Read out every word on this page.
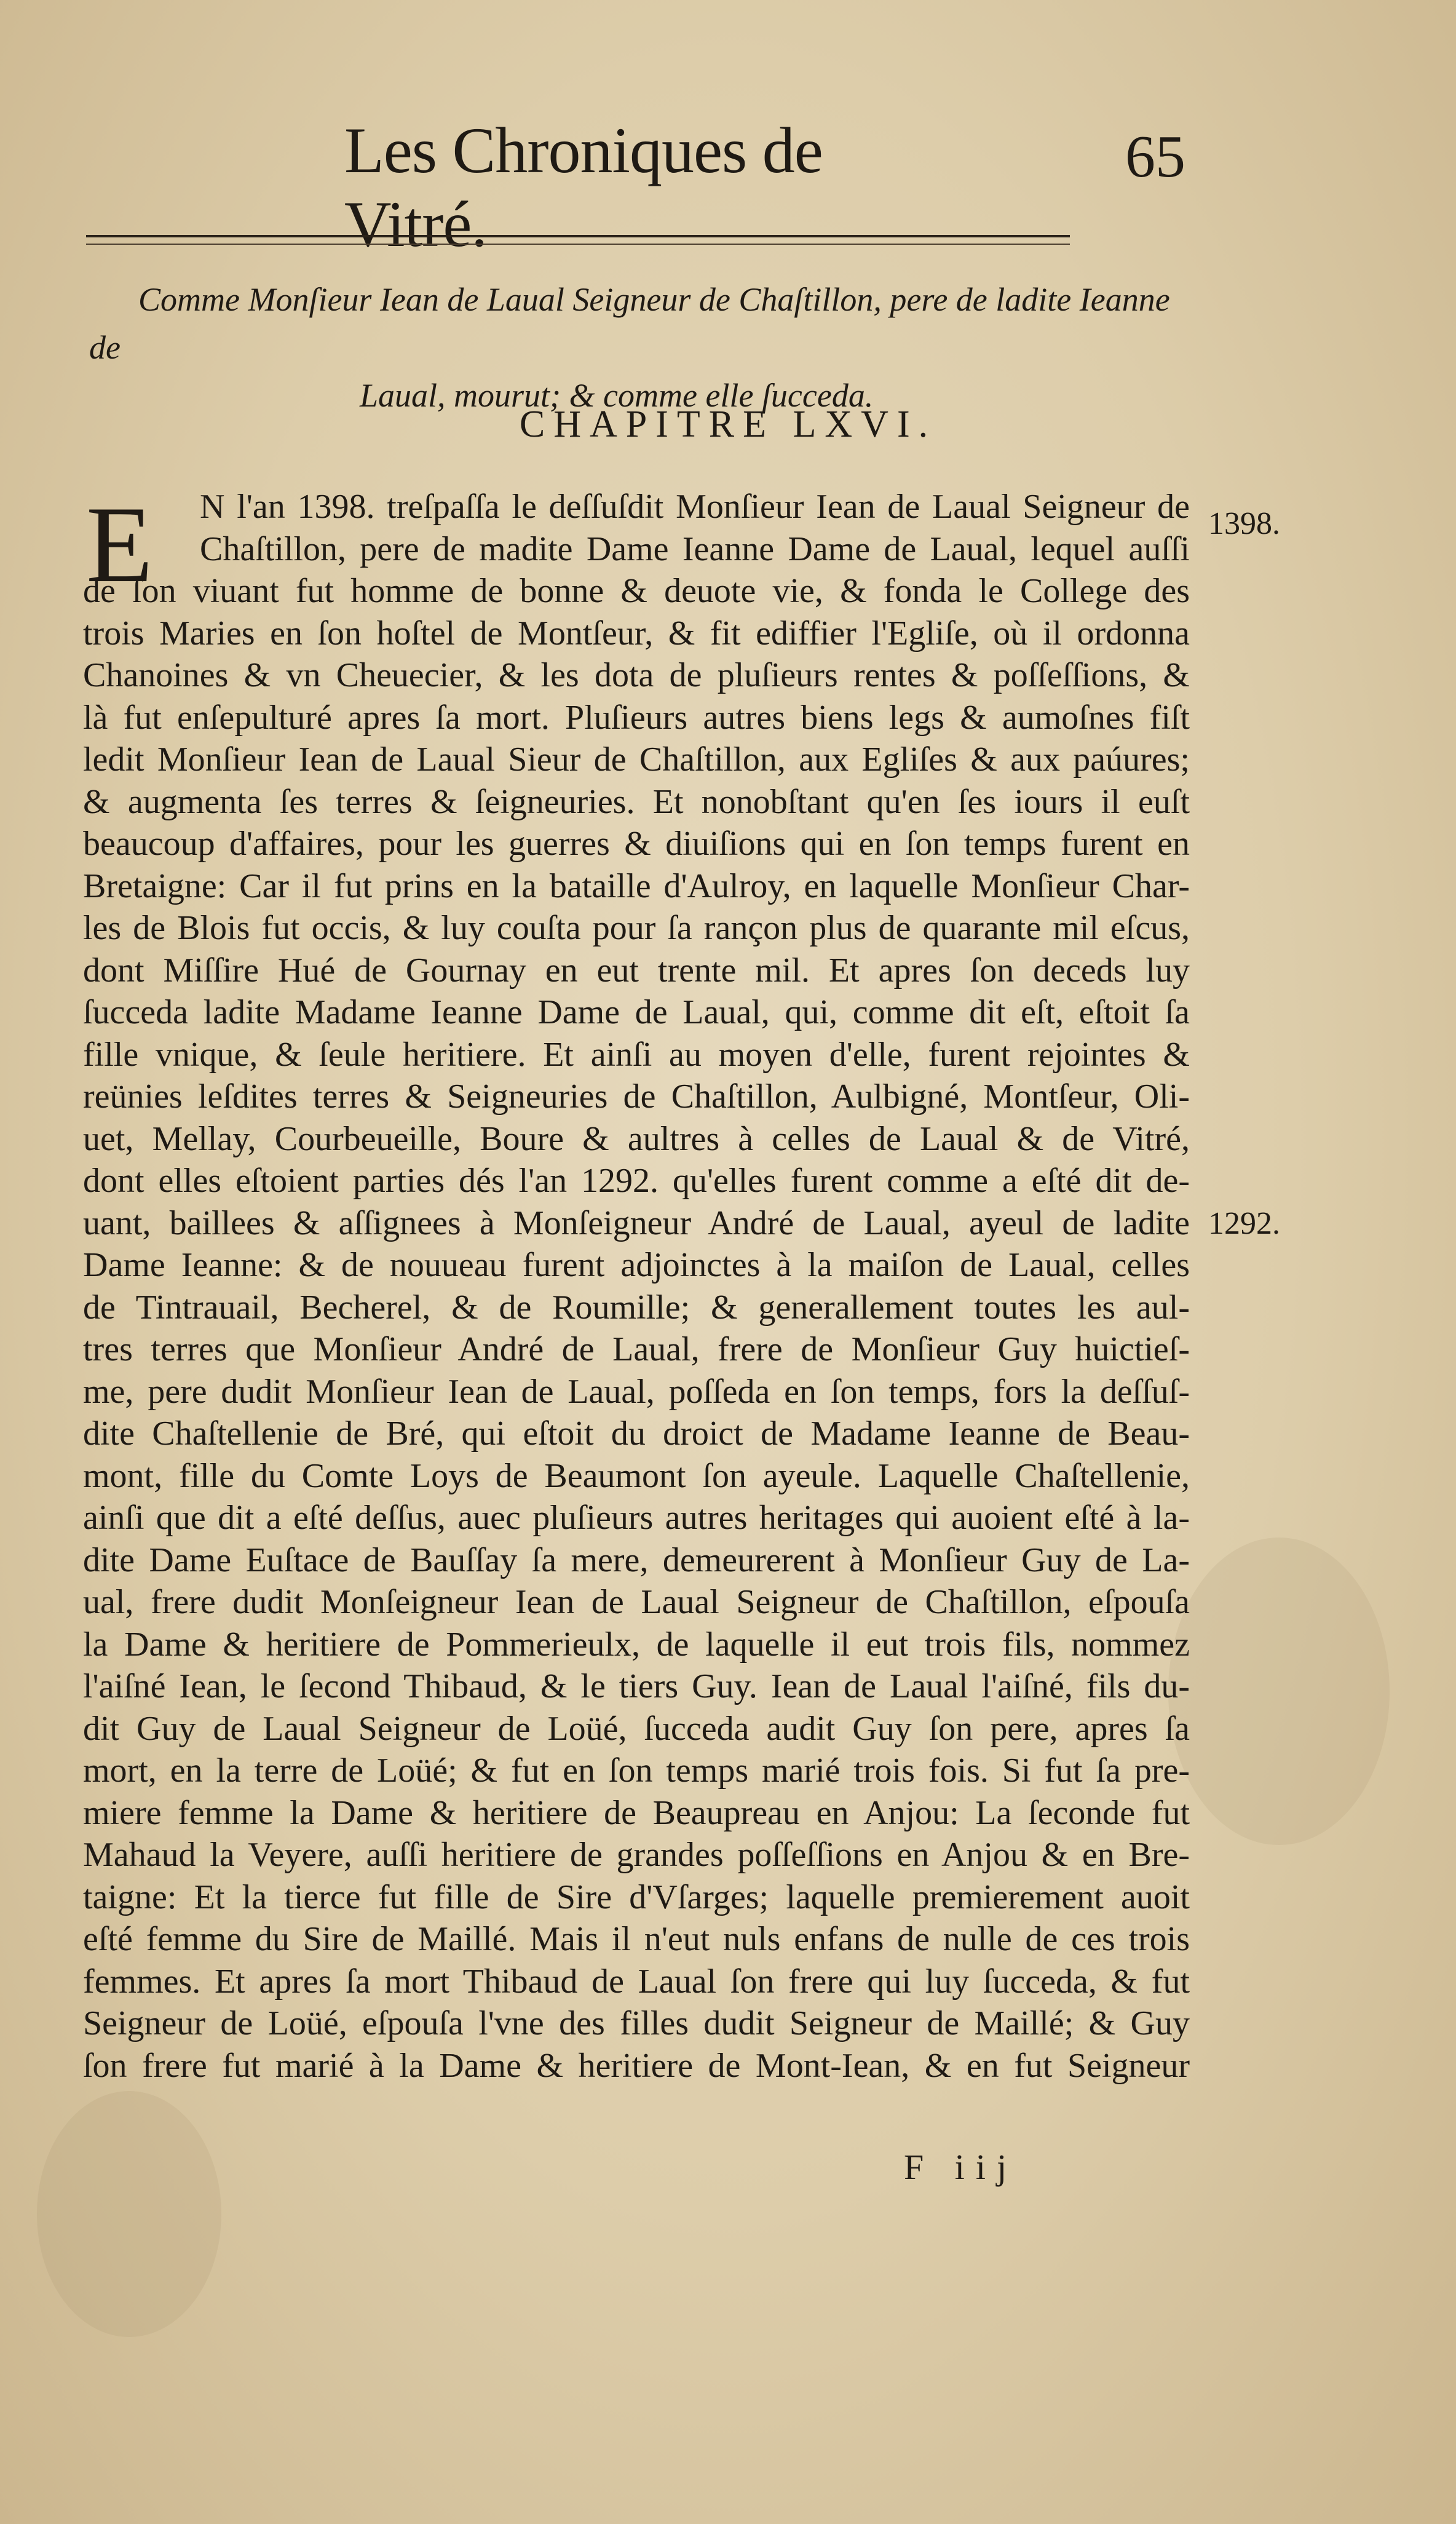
Les Chroniques de Vitré.
65
Comme Monſieur Iean de Laual Seigneur de Chaſtillon, pere de ladite Ieanne de
Laual, mourut; & comme elle ſucceda.
CHAPITRE LXVI.
E	N l'an 1398. treſpaſſa le deſſuſdit Monſieur Iean de Laual Seigneur de
Chaſtillon, pere de madite Dame Ieanne Dame de Laual, lequel auſſi
de ſon viuant fut homme de bonne & deuote vie, & fonda le College des
trois Maries en ſon hoſtel de Montſeur, & fit ediffier l'Egliſe, où il ordonna
Chanoines & vn Cheuecier, & les dota de pluſieurs rentes & poſſeſſions, &
là fut enſepulturé apres ſa mort. Pluſieurs autres biens legs & aumoſnes fiſt
ledit Monſieur Iean de Laual Sieur de Chaſtillon, aux Egliſes & aux paúures;
& augmenta ſes terres & ſeigneuries. Et nonobſtant qu'en ſes iours il euſt
beaucoup d'affaires, pour les guerres & diuiſions qui en ſon temps furent en
Bretaigne: Car il fut prins en la bataille d'Aulroy, en laquelle Monſieur Char-
les de Blois fut occis, & luy couſta pour ſa rançon plus de quarante mil eſcus,
dont Miſſire Hué de Gournay en eut trente mil. Et apres ſon deceds luy
ſucceda ladite Madame Ieanne Dame de Laual, qui, comme dit eſt, eſtoit ſa
fille vnique, & ſeule heritiere. Et ainſi au moyen d'elle, furent rejointes &
reünies leſdites terres & Seigneuries de Chaſtillon, Aulbigné, Montſeur, Oli-
uet, Mellay, Courbeueille, Boure & aultres à celles de Laual & de Vitré,
dont elles eſtoient parties dés l'an 1292. qu'elles furent comme a eſté dit de-
uant, baillees & aſſignees à Monſeigneur André de Laual, ayeul de ladite
Dame Ieanne: & de nouueau furent adjoinctes à la maiſon de Laual, celles
de Tintrauail, Becherel, & de Roumille; & generallement toutes les aul-
tres terres que Monſieur André de Laual, frere de Monſieur Guy huictieſ-
me, pere dudit Monſieur Iean de Laual, poſſeda en ſon temps, fors la deſſuſ-
dite Chaſtellenie de Bré, qui eſtoit du droict de Madame Ieanne de Beau-
mont, fille du Comte Loys de Beaumont ſon ayeule. Laquelle Chaſtellenie,
ainſi que dit a eſté deſſus, auec pluſieurs autres heritages qui auoient eſté à la-
dite Dame Euſtace de Bauſſay ſa mere, demeurerent à Monſieur Guy de La-
ual, frere dudit Monſeigneur Iean de Laual Seigneur de Chaſtillon, eſpouſa
la Dame & heritiere de Pommerieulx, de laquelle il eut trois fils, nommez
l'aiſné Iean, le ſecond Thibaud, & le tiers Guy. Iean de Laual l'aiſné, fils du-
dit Guy de Laual Seigneur de Loüé, ſucceda audit Guy ſon pere, apres ſa
mort, en la terre de Loüé; & fut en ſon temps marié trois fois. Si fut ſa pre-
miere femme la Dame & heritiere de Beaupreau en Anjou: La ſeconde fut
Mahaud la Veyere, auſſi heritiere de grandes poſſeſſions en Anjou & en Bre-
taigne: Et la tierce fut fille de Sire d'Vſarges; laquelle premierement auoit
eſté femme du Sire de Maillé. Mais il n'eut nuls enfans de nulle de ces trois
femmes. Et apres ſa mort Thibaud de Laual ſon frere qui luy ſucceda, & fut
Seigneur de Loüé, eſpouſa l'vne des filles dudit Seigneur de Maillé; & Guy
ſon frere fut marié à la Dame & heritiere de Mont-Iean, & en fut Seigneur
1398.
1292.
F iij
